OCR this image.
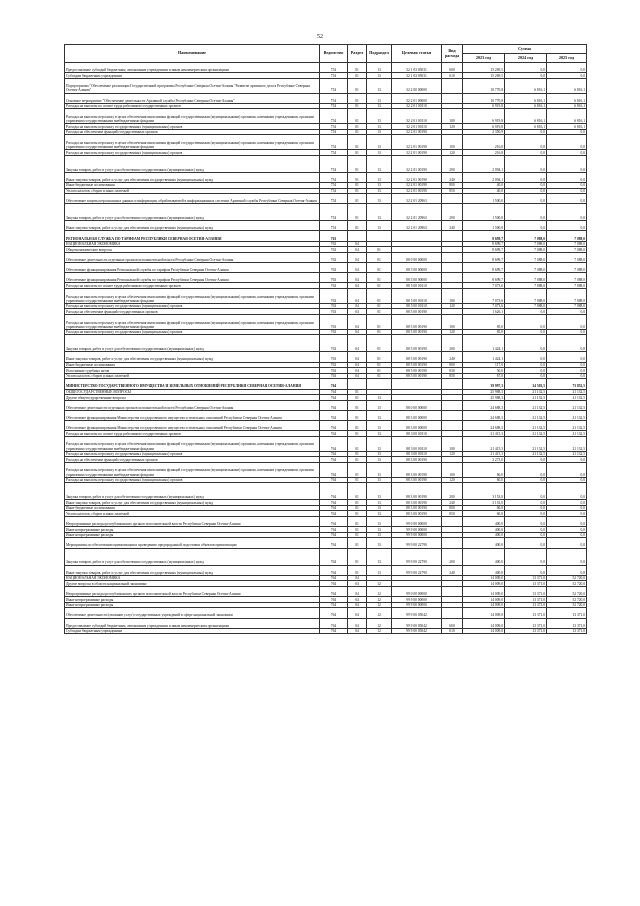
52
Наименование	Ведомство	Раздел	Подраздел	Целевая статья	Вид расхода	Сумма		
						2023 год	2024 год	2025 год
Предоставление субсидий бюджетным, автономным учреждениям и иным некоммерческим организациям	754	01	13	32 1 03 05031	600	15 269,5	0,0	0,0
Субсидии бюджетным учреждениям	754	01	13	32 1 03 05031	610	15 269,5	0,0	0,0
Подпрограмма "Обеспечение реализации Государственной программы Республики Северная Осетия-Алания "Развитие архивного дела в Республике Северная Осетия-Алания"	754	01	13	32 2 00 00000		10 770,8	6 816,1	6 816,1
Основное мероприятие "Обеспечение деятельности Архивной службы Республики Северная Осетия-Алания"	754	01	13	32 2 01 00000		10 770,8	6 816,1	6 816,1
Расходы на выплаты по оплате труда работников государственных органов	754	01	13	32 2 01 00110		6 919,8	6 816,1	6 816,1
Расходы на выплаты персоналу в целях обеспечения выполнения функций государственными (муниципальными) органами, казенными учреждениями, органами управления государственными внебюджетными фондами	754	01	13	32 2 01 00110	100	6 919,8	6 816,1	6 816,1
Расходы на выплаты персоналу государственных (муниципальных) органов	754	01	13	32 2 01 00110	120	6 919,8	6 816,1	6 816,1
Расходы на обеспечение функций государственных органов	754	01	13	32 2 01 00190		2 350,9	0,0	0,0
Расходы на выплаты персоналу в целях обеспечения выполнения функций государственными (муниципальными) органами, казенными учреждениями, органами управления государственными внебюджетными фондами	754	01	13	32 2 01 00190	100	216,8	0,0	0,0
Расходы на выплаты персоналу государственных (муниципальных) органов	754	01	13	32 2 01 00190	120	216,8	0,0	0,0
Закупка товаров, работ и услуг для обеспечения государственных (муниципальных) нужд	754	01	13	32 2 01 00190	200	2 094,1	0,0	0,0
Иные закупки товаров, работ и услуг для обеспечения государственных (муниципальных) нужд	754	01	13	32 2 01 00190	240	2 094,1	0,0	0,0
Иные бюджетные ассигнования	754	01	13	32 2 01 00190	800	40,0	0,0	0,0
Уплата налогов, сборов и иных платежей	754	01	13	32 2 01 00190	850	40,0	0,0	0,0
Обеспечение защиты персональных данных и информации, обрабатываемой в информационных системах Архивной службы Республики Северная Осетия-Алания	754	01	13	32 2 01 20963		1 500,0	0,0	0,0
Закупка товаров, работ и услуг для обеспечения государственных (муниципальных) нужд	754	01	13	32 2 01 20963	200	1 500,0	0,0	0,0
Иные закупки товаров, работ и услуг для обеспечения государственных (муниципальных) нужд	754	01	13	32 2 01 20963	240	1 500,0	0,0	0,0
РЕГИОНАЛЬНАЯ СЛУЖБА ПО ТАРИФАМ РЕСПУБЛИКИ СЕВЕРНАЯ ОСЕТИЯ-АЛАНИЯ	763					8 699,7	7 088,0	7 088,0
НАЦИОНАЛЬНАЯ ЭКОНОМИКА	763	04				8 699,7	7 088,0	7 088,0
Общеэкономические вопросы	763	04	01			8 699,7	7 088,0	7 088,0
Обеспечение деятельности отдельных органов исполнительной власти Республики Северная Осетия-Алания	763	04	01	88 0 00 00000		8 699,7	7 088,0	7 088,0
Обеспечение функционирования Региональной службы по тарифам Республики Северная Осетия-Алания	763	04	01	88 5 00 00000		8 699,7	7 088,0	7 088,0
Обеспечение функционирования Региональной службы по тарифам Республики Северная Осетия-Алания	763	04	01	88 5 00 00000		8 699,7	7 088,0	7 088,0
Расходы на выплаты по оплате труда работников государственных органов	763	04	01	88 5 00 00110		7 073,6	7 088,0	7 088,0
Расходы на выплаты персоналу в целях обеспечения выполнения функций государственными (муниципальными) органами, казенными учреждениями, органами управления государственными внебюджетными фондами	763	04	01	88 5 00 00110	100	7 073,6	7 088,0	7 088,0
Расходы на выплаты персоналу государственных (муниципальных) органов	763	04	01	88 5 00 00110	120	7 073,6	7 088,0	7 088,0
Расходы на обеспечение функций государственных органов	763	04	01	88 5 00 00190		1 626,1	0,0	0,0
Расходы на выплаты персоналу в целях обеспечения выполнения функций государственными (муниципальными) органами, казенными учреждениями, органами управления государственными внебюджетными фондами	763	04	01	88 5 00 00190	100	85,0	0,0	0,0
Расходы на выплаты персоналу государственных (муниципальных) органов	763	04	01	88 5 00 00190	120	85,0	0,0	0,0
Закупка товаров, работ и услуг для обеспечения государственных (муниципальных) нужд	763	04	01	88 5 00 00190	200	1 424,1	0,0	0,0
Иные закупки товаров, работ и услуг для обеспечения государственных (муниципальных) нужд	763	04	01	88 5 00 00190	240	1 424,1	0,0	0,0
Иные бюджетные ассигнования	763	04	01	88 5 00 00190	800	117,0	0,0	0,0
Исполнение судебных актов	763	04	01	88 5 00 00190	830	50,0	0,0	0,0
Уплата налогов, сборов и иных платежей	763	04	01	88 5 00 00190	850	67,0	0,0	0,0
МИНИСТЕРСТВО ГОСУДАРСТВЕННОГО ИМУЩЕСТВА И ЗЕМЕЛЬНЫХ ОТНОШЕНИЙ РЕСПУБЛИКИ СЕВЕРНАЯ ОСЕТИЯ-АЛАНИЯ	764					39 997,3	34 503,5	73 852,5
ОБЩЕГОСУДАРСТВЕННЫЕ ВОПРОСЫ	764	01				25 988,3	21 132,5	21 132,5
Другие общегосударственные вопросы	764	01	13			25 988,3	21 132,5	21 132,5
Обеспечение деятельности отдельных органов исполнительной власти Республики Северная Осетия-Алания	764	01	13	88 0 00 00000		24 688,3	21 132,5	21 132,5
Обеспечение функционирования Министерства государственного имущества и земельных отношений Республики Северная Осетия-Алания	764	01	13	88 3 00 00000		24 688,3	21 132,5	21 132,5
Обеспечение функционирования Министерства государственного имущества и земельных отношений Республики Северная Осетия-Алания	764	01	13	88 3 00 00000		24 688,3	21 132,5	21 132,5
Расходы на выплаты по оплате труда работников государственных органов	764	01	13	88 3 00 00110		21 415,3	21 132,5	21 132,5
Расходы на выплаты персоналу в целях обеспечения выполнения функций государственными (муниципальными) органами, казенными учреждениями, органами управления государственными внебюджетными фондами	764	01	13	88 3 00 00110	100	21 415,3	21 132,5	21 132,5
Расходы на выплаты персоналу государственных (муниципальных) органов	764	01	13	88 3 00 00110	120	21 415,3	21 132,5	21 132,5
Расходы на обеспечение функций государственных органов	764	01	13	88 3 00 00190		3 273,0	0,0	0,0
Расходы на выплаты персоналу в целях обеспечения выполнения функций государственными (муниципальными) органами, казенными учреждениями, органами управления государственными внебюджетными фондами	764	01	13	88 3 00 00190	100	60,0	0,0	0,0
Расходы на выплаты персоналу государственных (муниципальных) органов	764	01	13	88 3 00 00190	120	60,0	0,0	0,0
Закупка товаров, работ и услуг для обеспечения государственных (муниципальных) нужд	764	01	13	88 3 00 00190	200	3 153,0	0,0	0,0
Иные закупки товаров, работ и услуг для обеспечения государственных (муниципальных) нужд	764	01	13	88 3 00 00190	240	3 153,0	0,0	0,0
Иные бюджетные ассигнования	764	01	13	88 3 00 00190	800	60,0	0,0	0,0
Уплата налогов, сборов и иных платежей	764	01	13	88 3 00 00190	850	60,0	0,0	0,0
Непрограммные расходы республиканских органов исполнительной власти Республики Северная Осетия-Алания	764	01	13	99 0 00 00000		400,0	0,0	0,0
Иные непрограммные расходы	764	01	13	99 9 00 00000		400,0	0,0	0,0
Иные непрограммные расходы	764	01	13	99 9 00 00000		400,0	0,0	0,0
Мероприятия по обеспечению приватизации и проведению предпродажной подготовки объектов приватизации	764	01	13	99 9 00 22790		400,0	0,0	0,0
Закупка товаров, работ и услуг для обеспечения государственных (муниципальных) нужд	764	01	13	99 9 00 22790	200	400,0	0,0	0,0
Иные закупки товаров, работ и услуг для обеспечения государственных (муниципальных) нужд	764	01	13	99 9 00 22790	240	400,0	0,0	0,0
НАЦИОНАЛЬНАЯ ЭКОНОМИКА	764	04				14 009,0	13 371,0	52 720,0
Другие вопросы в области национальной экономики	764	04	12			14 009,0	13 371,0	52 720,0
Непрограммные расходы республиканских органов исполнительной власти Республики Северная Осетия-Алания	764	04	12	99 0 00 00000		14 009,0	13 371,0	52 720,0
Иные непрограммные расходы	764	04	12	99 9 00 00000		14 009,0	13 371,0	52 720,0
Иные непрограммные расходы	764	04	12	99 9 00 00000		14 009,0	13 371,0	52 720,0
Обеспечение деятельности (оказание услуг) государственных учреждений в сфере национальной экономики	764	04	12	99 9 00 05042		14 009,0	13 371,0	13 371,0
Предоставление субсидий бюджетным, автономным учреждениям и иным некоммерческим организациям	764	04	12	99 9 00 05042	600	14 009,0	13 371,0	13 371,0
Субсидии бюджетным учреждениям	764	04	12	99 9 00 05042	610	14 009,0	13 371,0	13 371,0
